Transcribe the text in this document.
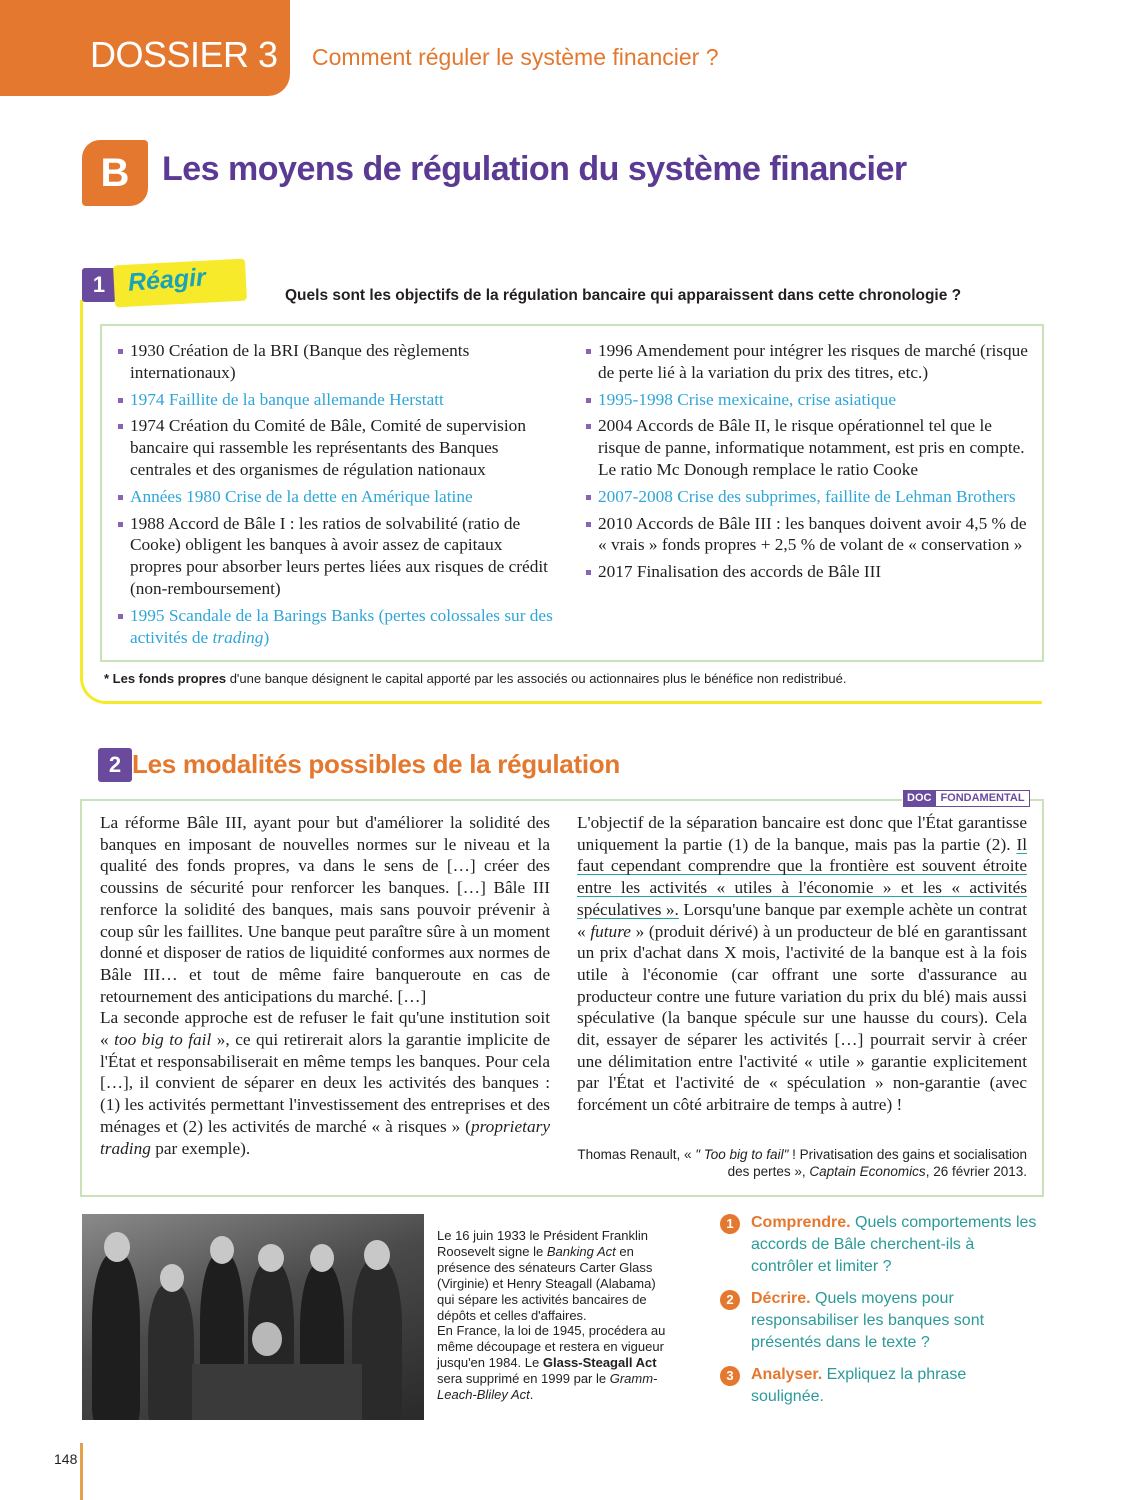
DOSSIER 3 Comment réguler le système financier ?
B Les moyens de régulation du système financier
1 Réagir	Quels sont les objectifs de la régulation bancaire qui apparaissent dans cette chronologie ?
1930 Création de la BRI (Banque des règlements internationaux)
1974 Faillite de la banque allemande Herstatt
1974 Création du Comité de Bâle, Comité de supervision bancaire qui rassemble les représentants des Banques centrales et des organismes de régulation nationaux
Années 1980 Crise de la dette en Amérique latine
1988 Accord de Bâle I : les ratios de solvabilité (ratio de Cooke) obligent les banques à avoir assez de capitaux propres pour absorber leurs pertes liées aux risques de crédit (non-remboursement)
1995 Scandale de la Barings Banks (pertes colossales sur des activités de trading)
1996 Amendement pour intégrer les risques de marché (risque de perte lié à la variation du prix des titres, etc.)
1995-1998 Crise mexicaine, crise asiatique
2004 Accords de Bâle II, le risque opérationnel tel que le risque de panne, informatique notamment, est pris en compte. Le ratio Mc Donough remplace le ratio Cooke
2007-2008 Crise des subprimes, faillite de Lehman Brothers
2010 Accords de Bâle III : les banques doivent avoir 4,5 % de « vrais » fonds propres + 2,5 % de volant de « conservation »
2017 Finalisation des accords de Bâle III
* Les fonds propres d'une banque désignent le capital apporté par les associés ou actionnaires plus le bénéfice non redistribué.
2 Les modalités possibles de la régulation
DOC FONDAMENTAL

La réforme Bâle III, ayant pour but d'améliorer la solidité des banques en imposant de nouvelles normes sur le niveau et la qualité des fonds propres, va dans le sens de […] créer des coussins de sécurité pour renforcer les banques. […] Bâle III renforce la solidité des banques, mais sans pouvoir prévenir à coup sûr les faillites. Une banque peut paraître sûre à un moment donné et disposer de ratios de liquidité conformes aux normes de Bâle III… et tout de même faire banqueroute en cas de retournement des anticipations du marché. […]

La seconde approche est de refuser le fait qu'une institution soit « too big to fail », ce qui retirerait alors la garantie implicite de l'État et responsabiliserait en même temps les banques. Pour cela […], il convient de séparer en deux les activités des banques : (1) les activités permettant l'investissement des entreprises et des ménages et (2) les activités de marché « à risques » (proprietary trading par exemple).

L'objectif de la séparation bancaire est donc que l'État garantisse uniquement la partie (1) de la banque, mais pas la partie (2). Il faut cependant comprendre que la frontière est souvent étroite entre les activités « utiles à l'économie » et les « activités spéculatives ». Lorsqu'une banque par exemple achète un contrat « future » (produit dérivé) à un producteur de blé en garantissant un prix d'achat dans X mois, l'activité de la banque est à la fois utile à l'économie (car offrant une sorte d'assurance au producteur contre une future variation du prix du blé) mais aussi spéculative (la banque spécule sur une hausse du cours). Cela dit, essayer de séparer les activités […] pourrait servir à créer une délimitation entre l'activité « utile » garantie explicitement par l'État et l'activité de « spéculation » non-garantie (avec forcément un côté arbitraire de temps à autre) !

Thomas Renault, « " Too big to fail" ! Privatisation des gains et socialisation des pertes », Captain Economics, 26 février 2013.
Le 16 juin 1933 le Président Franklin Roosevelt signe le Banking Act en présence des sénateurs Carter Glass (Virginie) et Henry Steagall (Alabama) qui sépare les activités bancaires de dépôts et celles d'affaires.
En France, la loi de 1945, procédera au même découpage et restera en vigueur jusqu'en 1984. Le Glass-Steagall Act sera supprimé en 1999 par le Gramm-Leach-Bliley Act.
1	Comprendre. Quels comportements les accords de Bâle cherchent-ils à contrôler et limiter ?
2	Décrire. Quels moyens pour responsabiliser les banques sont présentés dans le texte ?
3	Analyser. Expliquez la phrase soulignée.
148
